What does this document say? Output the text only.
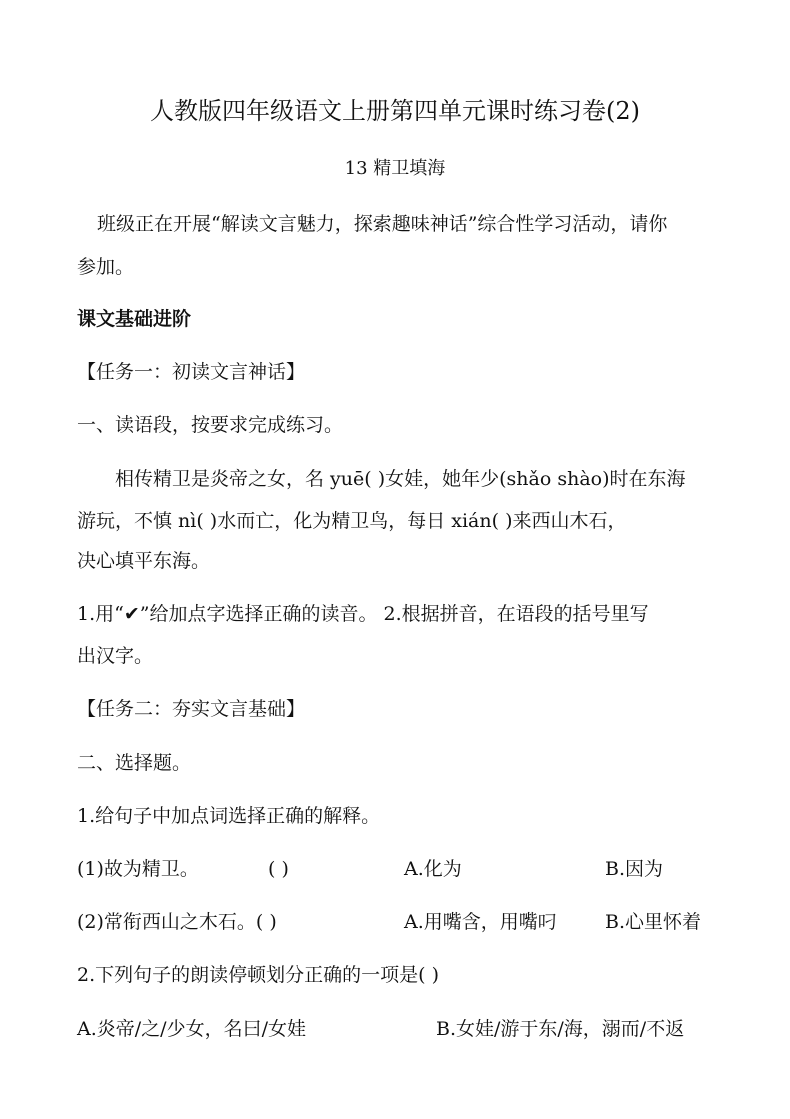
人教版四年级语文上册第四单元课时练习卷(2)
13 精卫填海
班级正在开展“解读文言魅力，探索趣味神话”综合性学习活动，请你
参加。
课文基础进阶
【任务一：初读文言神话】
一、读语段，按要求完成练习。
相传精卫是炎帝之女，名 yuē( )女娃，她年少(shǎo shào)时在东海
游玩，不慎 nì( )水而亡，化为精卫鸟，每日 xián( )来西山木石，
决心填平东海。
1.用“✔”给加点字选择正确的读音。 2.根据拼音，在语段的括号里写
出汉字。
【任务二：夯实文言基础】
二、选择题。
1.给句子中加点词选择正确的解释。
(1)故为精卫。	( )	A.化为	B.因为
(2)常衔西山之木石。( )	A.用嘴含，用嘴叼	B.心里怀着
2.下列句子的朗读停顿划分正确的一项是( )
A.炎帝/之/少女，名曰/女娃	B.女娃/游于东/海，溺而/不返
